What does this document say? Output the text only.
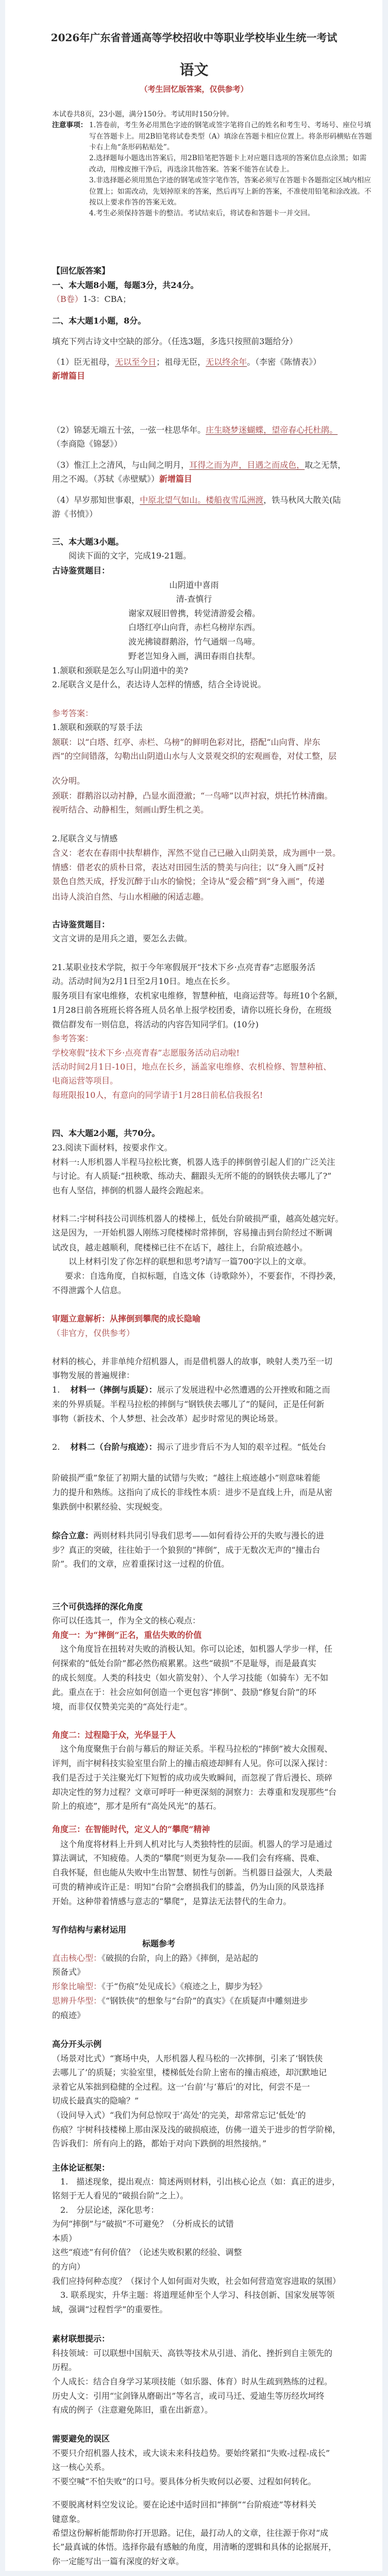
2026年广东省普通高等学校招收中等职业学校毕业生统一考试
语文
（考生回忆版答案，仅供参考）
本试卷共8页，23小题，满分150分。考试用时150分钟。
注意事项： 1.答卷前，考生务必用黑色字迹的钢笔或签字笔将自己的姓名和考生号、考场号、座位号填
写在答题卡上。用2B铅笔将试卷类型（A）填涂在答题卡相应位置上。将条形码横贴在答题
卡右上角“条形码粘贴处”。
2.选择题每小题选出答案后，用2B铅笔把答题卡上对应题目选项的答案信息点涂黑；如需
改动，用橡皮擦干净后，再选涂其他答案。答案不能答在试卷上。
3.非选择题必须用黑色字迹的钢笔或签字笔作答，答案必须写在答题卡各题指定区域内相应
位置上；如需改动，先划掉原来的答案，然后再写上新的答案，不准使用铅笔和涂改液。不
按以上要求作答的答案无效。
4.考生必须保持答题卡的整洁。考试结束后，将试卷和答题卡一并交回。
【回忆版答案】
一、本大题8小题，每题3分，共24分。
（B卷）1-3：CBA；
二、本大题1小题，8分。
填充下列古诗文中空缺的部分。（任选3题，多选只按照前3题给分）
（1）臣无祖母，无以至今日；祖母无臣，无以终余年。（李密《陈情表》）
新增篇目
（2）锦瑟无端五十弦，一弦一柱思华年。庄生晓梦迷蝴蝶，望帝春心托杜鹃。
（李商隐《锦瑟》）
（3）惟江上之清风，与山间之明月，耳得之而为声，目遇之而成色，取之无禁，
用之不竭。（苏轼《赤壁赋》）新增篇目
（4）早岁那知世事艰，中原北望气如山。楼船夜雪瓜洲渡，铁马秋风大散关(陆
游《书愤》）
三、本大题3小题。
阅读下面的文字，完成19-21题。
古诗鉴赏题目：
山阴道中喜雨
清-查慎行
谢家双屐旧曾携，转觉清游爱会稽。
白塔红亭山向背，赤栏乌榜岸东西。
波光拂镜群鹅浴，竹气通烟一鸟啼。
野老岂知身入画，满田春雨自扶犁。
1.颔联和颈联是怎么写山阴道中的美?
2.尾联含义是什么，表达诗人怎样的情感，结合全诗说说。
参考答案：
1.颔联和颈联的写景手法
颔联：以“白塔、红亭、赤栏、乌榜”的鲜明色彩对比，搭配“山向背、岸东
西”的空间错落，勾勒出山阴道山水与人文景观交织的宏观画卷，对仗工整，层
次分明。
颈联：群鹅浴以动衬静，凸显水面澄澈；“一鸟啼”以声衬寂，烘托竹林清幽。
视听结合、动静相生，刻画山野生机之美。
2.尾联含义与情感
含义：老农在春雨中扶犁耕作，浑然不觉自己已融入山阴美景，成为画中一景。
情感：借老农的质朴日常，表达对田园生活的赞美与向往；以“身入画”反衬
景色自然天成，抒发沉醉于山水的愉悦；全诗从“爱会稽”到“身入画”，传递
出诗人淡泊自然、与山水相融的闲适志趣。
古诗鉴赏题目：
文言文讲的是用兵之道，要怎么去做。
21.某职业技术学院，拟于今年寒假展开“技术下乡·点亮青春”志愿服务活
动。活动时间为2月1日至2月10日。地点在长乡。
服务项目有家电维修，农机家电维修，智慧种植，电商运营等。每班10个名额，
1月28日前各班班长将各班人员名单上报学校团委，请你以班长身份，在班级
微信群发布一则信息，将活动的内容告知同学们。(10分)
参考答案：
学校寒假“技术下乡·点亮青春”志愿服务活动启动啦!
活动时间2月1日-10日，地点在长乡，涵盖家电维修、农机检修、智慧种植、
电商运营等项目。
每班限报10人，有意向的同学请于1月28日前私信我报名!
四、本大题2小题，共70分。
23.阅读下面材料，按要求作文。
材料一:人形机器人半程马拉松比赛，机器人选手的摔倒曾引起人们的广泛关注
与讨论。有人质疑:“扭秧歌、练动夫、翻跟头无所不能的的钢铁侠去哪儿了?”
也有人坚信，摔倒的机器人最终会跑起来。
材料二:宇树科技公司训练机器人的楼梯上，低处台阶破损严重，越高处越完好。
这是因为，一开始机器人刚练习爬楼梯时常摔倒，容易撞击到台阶经过不断调
试改良，越走越顺利，爬楼梯已往不在话下，越往上，台阶痕迹越小。
以上材料引发了你怎样的联想和思考?请写一篇700字以上的文章。
要求：自选角度，自拟标题，自选文体（诗歌除外），不要套作，不得抄袭，
不得泄露个人信息。
审题立意解析：从摔倒到攀爬的成长隐喻
（非官方，仅供参考）
材料的核心，并非单纯介绍机器人，而是借机器人的故事，映射人类乃至一切
事物发展的普遍规律：
1. 材料一（摔倒与质疑）：展示了发展进程中必然遭遇的公开挫败和随之而
来的外界质疑。半程马拉松的摔倒与“钢铁侠去哪儿了”的疑问，正是任何新
事物（新技术、个人梦想、社会改革）起步时常见的舆论场景。
2. 材料二（台阶与痕迹）：揭示了进步背后不为人知的艰辛过程。“低处台
阶破损严重”象征了初期大量的试错与失败；“越往上痕迹越小”则意味着能
力的提升和熟练。这指向了成长的非线性本质：进步不是直线上升，而是从密
集跌倒中积累经验、实现蜕变。
综合立意：两则材料共同引导我们思考——如何看待公开的失败与漫长的进
步？真正的突破，往往始于一个狼狈的“摔倒”，成于无数次无声的“撞击台
阶”。我们的文章，应着重探讨这一过程的价值。
三个可供选择的深化角度
你可以任选其一，作为全文的核心观点：
角度一：为“摔倒”正名，重估失败的价值
这个角度旨在扭转对失败的消极认知。你可以论述，如机器人学步一样，任
何探索的“低处台阶”都必然伤痕累累。这些“破损”不是耻辱，而是最真实
的成长刻度。人类的科技史（如火箭发射）、个人学习技能（如骑车）无不如
此。重点在于：社会应如何创造一个更包容“摔倒”、鼓励“修复台阶”的环
境，而非仅仅赞美完美的“高处行走”。
角度二：过程隐于众，光华显于人
这个角度聚焦于台前与幕后的辩证关系。半程马拉松的“摔倒”被大众围观、
评判，而宇树科技实验室里台阶上的撞击痕迹却鲜有人见。你可以深入探讨：
我们是否过于关注聚光灯下短暂的成功或失败瞬间，而忽视了背后漫长、琐碎
却决定性的努力过程？文章可呼吁一种更深刻的洞察力：去尊重和发现那些“台
阶上的痕迹”，那才是所有“高处风光”的基石。
角度三：在智能时代，定义人的“攀爬”精神
这个角度将材料上升到人机对比与人类独特性的层面。机器人的学习是通过
算法调试，不知疲倦。人类的“攀爬”则更为复杂——我们会有疼痛、畏难、
自我怀疑，但也能从失败中生出智慧、韧性与创新。当机器日益强大，人类最
可贵的精神或许正是：明知“台阶”会磨损我们的膝盖，仍为山顶的风景选择
开始。这种带着情感与意志的“攀爬”，是算法无法替代的生命力。
写作结构与素材运用
标题参考
直击核心型：《破损的台阶，向上的路》《摔倒，是站起的
预备式》
形象比喻型：《于“伤痕”处见成长》《痕迹之上，脚步为轻》
思辨升华型：《“钢铁侠”的想象与“台阶”的真实》《在质疑声中雕刻进步
的痕迹》
高分开头示例
（场景对比式）“赛场中央，人形机器人程马松的一次摔倒，引来了‘钢铁侠
去哪儿了’的质疑；实验室里，楼梯低处台阶上密布的撞击痕迹，却沉默地记
录着它从笨拙到稳健的全过程。这一‘台前’与‘幕后’的对比，何尝不是一
切成长最真实的隐喻？”
（设问导入式）“我们为何总惊叹于‘高处’的完美，却常常忘记‘低处’的
伤痕？宇树科技楼梯上那由深及浅的破损痕迹，仿佛一道关于进步的哲学阶梯，
告诉我们：所有向上的路，都始于对向下跌倒的坦然接纳。”
主体论证框架：
1.　描述现象，提出观点：简述两则材料，引出核心论点（如：真正的进步，
铭刻于无人看见的“破损台阶”之上）。
2.　分层论述，深化思考：
为何“摔倒”与“破损”不可避免？（分析成长的试错
本质）
这些“痕迹”有何价值？（论述失败积累的经验、调整
的方向）
我们应持何种态度？（探讨个人如何面对失败，社会如何营造宽容进取的氛围）
3. 联系现实，升华主题：将道理延伸至个人学习、科技创新、国家发展等领
域，强调“过程哲学”的重要性。
素材联想提示：
科技领域：可以联想中国航天、高铁等技术从引进、消化、挫折到自主领先的
历程。
个人成长：结合自身学习某项技能（如乐器、体育）时从生疏到熟练的过程。
历史人文：引用“宝剑锋从磨砺出”等名言，或司马迁、爱迪生等历经坎坷终
有成的例子（注意避免陈旧，重在出新意）。
需要避免的误区
不要只介绍机器人技术，或大谈未来科技趋势。要始终紧扣“失败-过程-成长”
这一核心关系。
不要空喊“不怕失败”的口号。要具体分析失败何以必要、过程如何转化。
不要脱离材料空发议论。要在论述中适时回扣“摔倒”“台阶痕迹”等材料关
键意象。
希望这份解析能帮助你打开思路。记住，最打动人的文章，往往源于你对“成
长”最真诚的体悟。选择你最有感触的角度，用清晰的逻辑和具体的论据展开，
你一定能写出一篇有深度的好文章。
